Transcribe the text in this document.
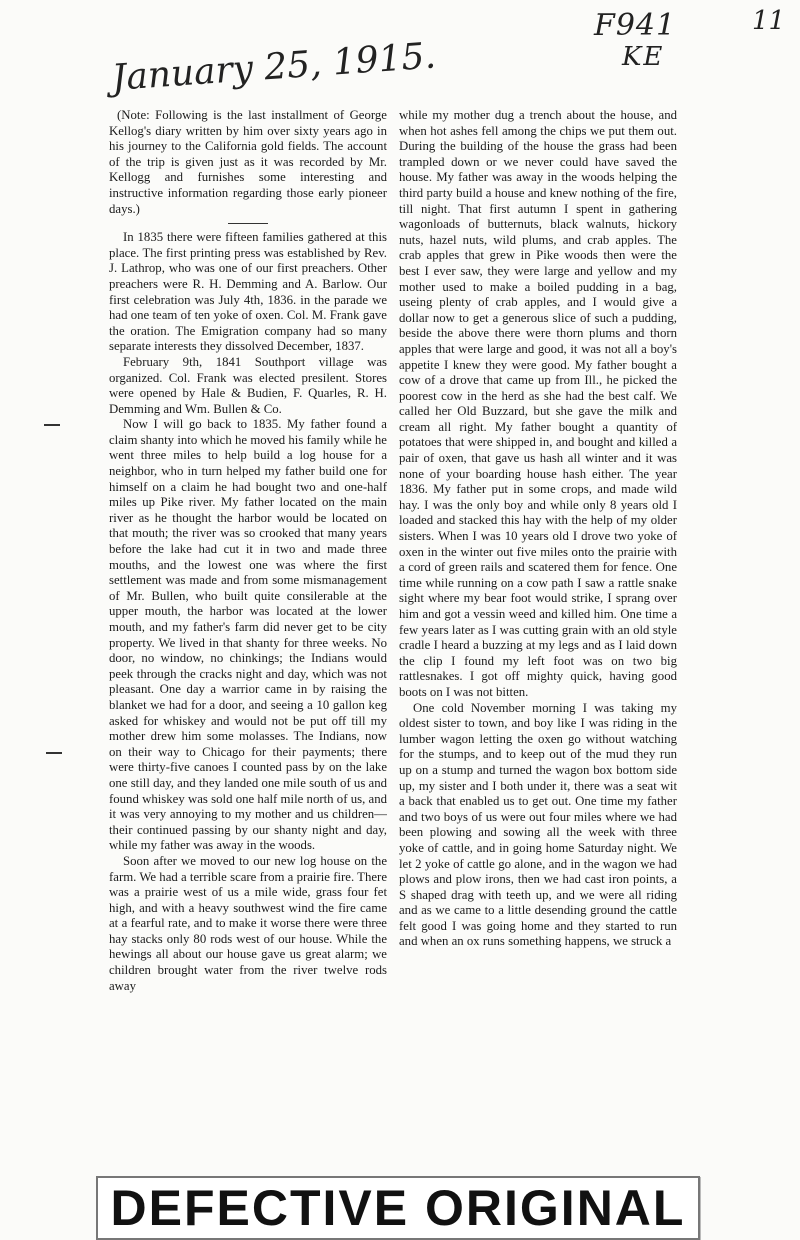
F941
KE
11
January 25, 1915.

(Note: Following is the last installment of George Kellog's diary written by him over sixty years ago in his journey to the California gold fields. The account of the trip is given just as it was recorded by Mr. Kellogg and furnishes some interesting and instructive information regarding those early pioneer days.)

In 1835 there were fifteen families gathered at this place. The first printing press was established by Rev. J. Lathrop, who was one of our first preachers. Other preachers were R. H. Demming and A. Barlow. Our first celebration was July 4th, 1836. in the parade we had one team of ten yoke of oxen. Col. M. Frank gave the oration. The Emigration company had so many separate interests they dissolved December, 1837.

February 9th, 1841 Southport village was organized. Col. Frank was elected presilent. Stores were opened by Hale & Budien, F. Quarles, R. H. Demming and Wm. Bullen & Co.

Now I will go back to 1835. My father found a claim shanty into which he moved his family while he went three miles to help build a log house for a neighbor, who in turn helped my father build one for himself on a claim he had bought two and one-half miles up Pike river. My father located on the main river as he thought the harbor would be located on that mouth; the river was so crooked that many years before the lake had cut it in two and made three mouths, and the lowest one was where the first settlement was made and from some mismanagement of Mr. Bullen, who built quite consilerable at the upper mouth, the harbor was located at the lower mouth, and my father's farm did never get to be city property. We lived in that shanty for three weeks. No door, no window, no chinkings; the Indians would peek through the cracks night and day, which was not pleasant. One day a warrior came in by raising the blanket we had for a door, and seeing a 10 gallon keg asked for whiskey and would not be put off till my mother drew him some molasses. The Indians, now on their way to Chicago for their payments; there were thirty-five canoes I counted pass by on the lake one still day, and they landed one mile south of us and found whiskey was sold one half mile north of us, and it was very annoying to my mother and us children—their continued passing by our shanty night and day, while my father was away in the woods.

Soon after we moved to our new log house on the farm. We had a terrible scare from a prairie fire. There was a prairie west of us a mile wide, grass four fet high, and with a heavy southwest wind the fire came at a fearful rate, and to make it worse there were three hay stacks only 80 rods west of our house. While the hewings all about our house gave us great alarm; we children brought water from the river twelve rods away

while my mother dug a trench about the house, and when hot ashes fell among the chips we put them out. During the building of the house the grass had been trampled down or we never could have saved the house. My father was away in the woods helping the third party build a house and knew nothing of the fire, till night. That first autumn I spent in gathering wagonloads of butternuts, black walnuts, hickory nuts, hazel nuts, wild plums, and crab apples. The crab apples that grew in Pike woods then were the best I ever saw, they were large and yellow and my mother used to make a boiled pudding in a bag, useing plenty of crab apples, and I would give a dollar now to get a generous slice of such a pudding, beside the above there were thorn plums and thorn apples that were large and good, it was not all a boy's appetite I knew they were good. My father bought a cow of a drove that came up from Ill., he picked the poorest cow in the herd as she had the best calf. We called her Old Buzzard, but she gave the milk and cream all right. My father bought a quantity of potatoes that were shipped in, and bought and killed a pair of oxen, that gave us hash all winter and it was none of your boarding house hash either. The year 1836. My father put in some crops, and made wild hay. I was the only boy and while only 8 years old I loaded and stacked this hay with the help of my older sisters. When I was 10 years old I drove two yoke of oxen in the winter out five miles onto the prairie with a cord of green rails and scatered them for fence. One time while running on a cow path I saw a rattle snake sight where my bear foot would strike, I sprang over him and got a vessin weed and killed him. One time a few years later as I was cutting grain with an old style cradle I heard a buzzing at my legs and as I laid down the clip I found my left foot was on two big rattlesnakes. I got off mighty quick, having good boots on I was not bitten.

One cold November morning I was taking my oldest sister to town, and boy like I was riding in the lumber wagon letting the oxen go without watching for the stumps, and to keep out of the mud they run up on a stump and turned the wagon box bottom side up, my sister and I both under it, there was a seat wit a back that enabled us to get out. One time my father and two boys of us were out four miles where we had been plowing and sowing all the week with three yoke of cattle, and in going home Saturday night. We let 2 yoke of cattle go alone, and in the wagon we had plows and plow irons, then we had cast iron points, a S shaped drag with teeth up, and we were all riding and as we came to a little desending ground the cattle felt good I was going home and they started to run and when an ox runs something happens, we struck a

DEFECTIVE ORIGINAL
